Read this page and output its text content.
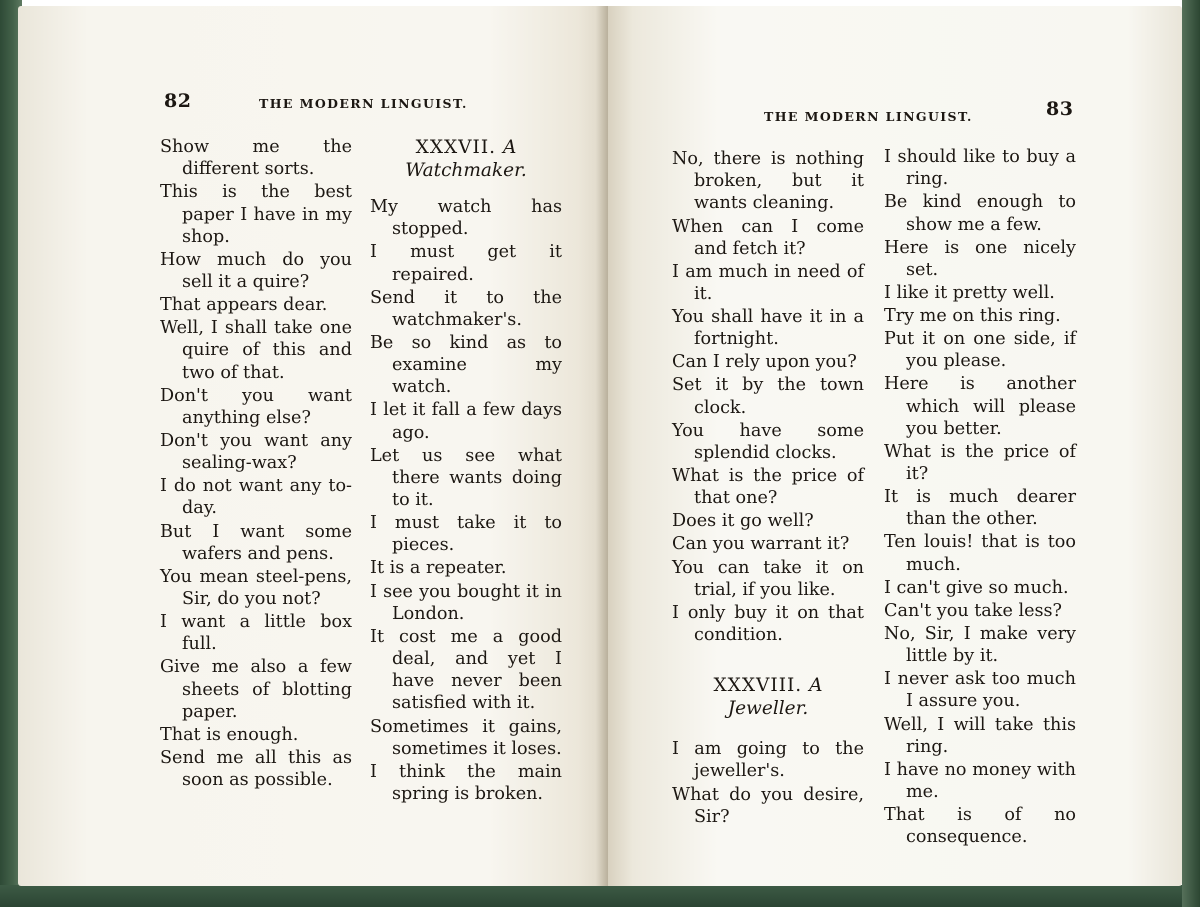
82	THE MODERN LINGUIST.

Show me the different sorts.

This is the best paper I have in my shop.

How much do you sell it a quire?

That appears dear.

Well, I shall take one quire of this and two of that.

Don't you want anything else?

Don't you want any sealing-wax?

I do not want any to-day.

But I want some wafers and pens.

You mean steel-pens, Sir, do you not?

I want a little box full.

Give me also a few sheets of blotting paper.

That is enough.

Send me all this as soon as possible.

XXXVII. A Watchmaker.

My watch has stopped.

I must get it repaired.

Send it to the watchmaker's.

Be so kind as to examine my watch.

I let it fall a few days ago.

Let us see what there wants doing to it.

I must take it to pieces.

It is a repeater.

I see you bought it in London.

It cost me a good deal, and yet I have never been satisfied with it.

Sometimes it gains, sometimes it loses.

I think the main spring is broken.

THE MODERN LINGUIST.	83

No, there is nothing broken, but it wants cleaning.

When can I come and fetch it?

I am much in need of it.

You shall have it in a fortnight.

Can I rely upon you?

Set it by the town clock.

You have some splendid clocks.

What is the price of that one?

Does it go well?

Can you warrant it?

You can take it on trial, if you like.

I only buy it on that condition.

XXXVIII. A Jeweller.

I am going to the jeweller's.

What do you desire, Sir?

I should like to buy a ring.

Be kind enough to show me a few.

Here is one nicely set.

I like it pretty well.

Try me on this ring.

Put it on one side, if you please.

Here is another which will please you better.

What is the price of it?

It is much dearer than the other.

Ten louis! that is too much.

I can't give so much.

Can't you take less?

No, Sir, I make very little by it.

I never ask too much I assure you.

Well, I will take this ring.

I have no money with me.

That is of no consequence.
